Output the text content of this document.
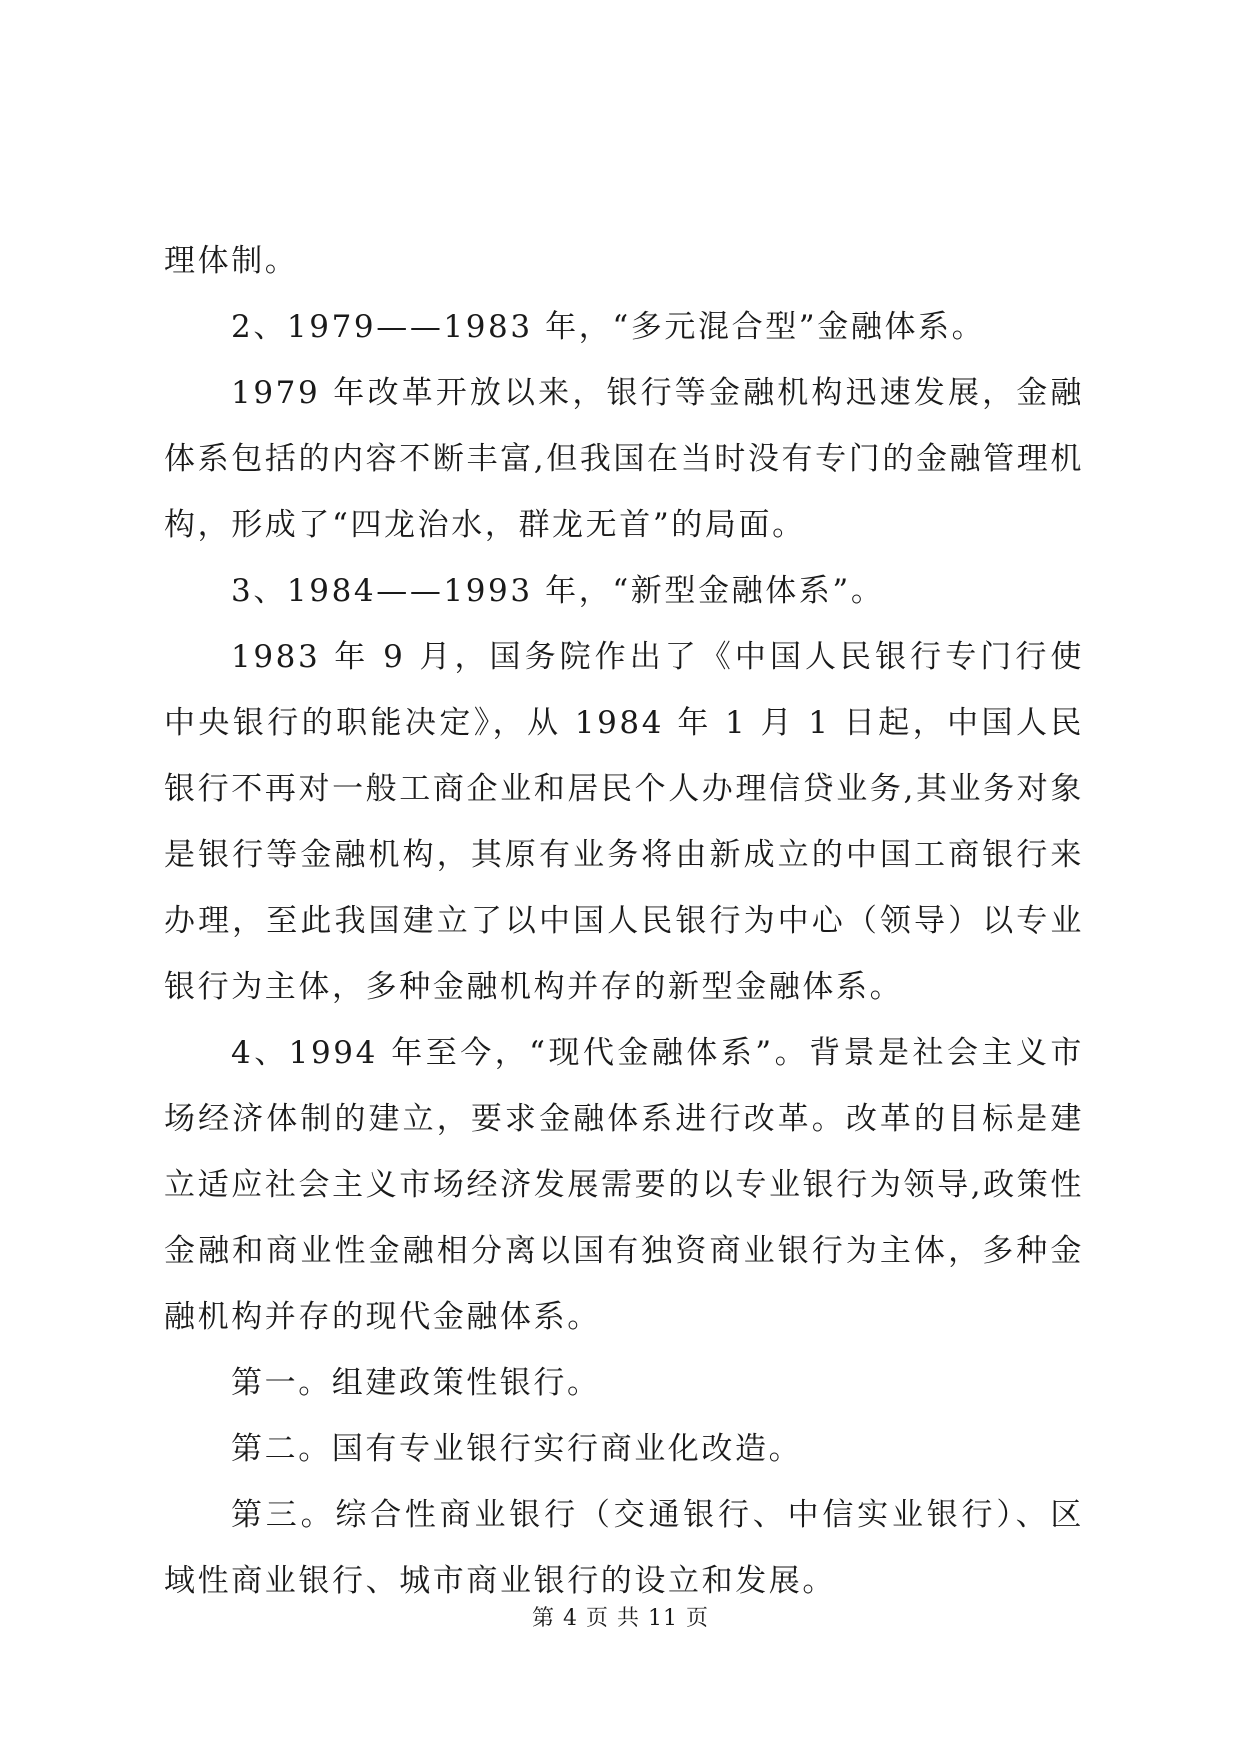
理体制。

2、1979——1983 年，“多元混合型”金融体系。

1979 年改革开放以来，银行等金融机构迅速发展，金融体系包括的内容不断丰富,但我国在当时没有专门的金融管理机构，形成了“四龙治水，群龙无首”的局面。

3、1984——1993 年，“新型金融体系”。

1983 年 9 月，国务院作出了《中国人民银行专门行使中央银行的职能决定》，从 1984 年 1 月 1 日起，中国人民银行不再对一般工商企业和居民个人办理信贷业务,其业务对象是银行等金融机构，其原有业务将由新成立的中国工商银行来办理，至此我国建立了以中国人民银行为中心（领导）以专业银行为主体，多种金融机构并存的新型金融体系。

4、1994 年至今，“现代金融体系”。背景是社会主义市场经济体制的建立，要求金融体系进行改革。改革的目标是建立适应社会主义市场经济发展需要的以专业银行为领导,政策性金融和商业性金融相分离以国有独资商业银行为主体，多种金融机构并存的现代金融体系。

第一。组建政策性银行。

第二。国有专业银行实行商业化改造。

第三。综合性商业银行（交通银行、中信实业银行）、区域性商业银行、城市商业银行的设立和发展。

第 4 页 共 11 页
